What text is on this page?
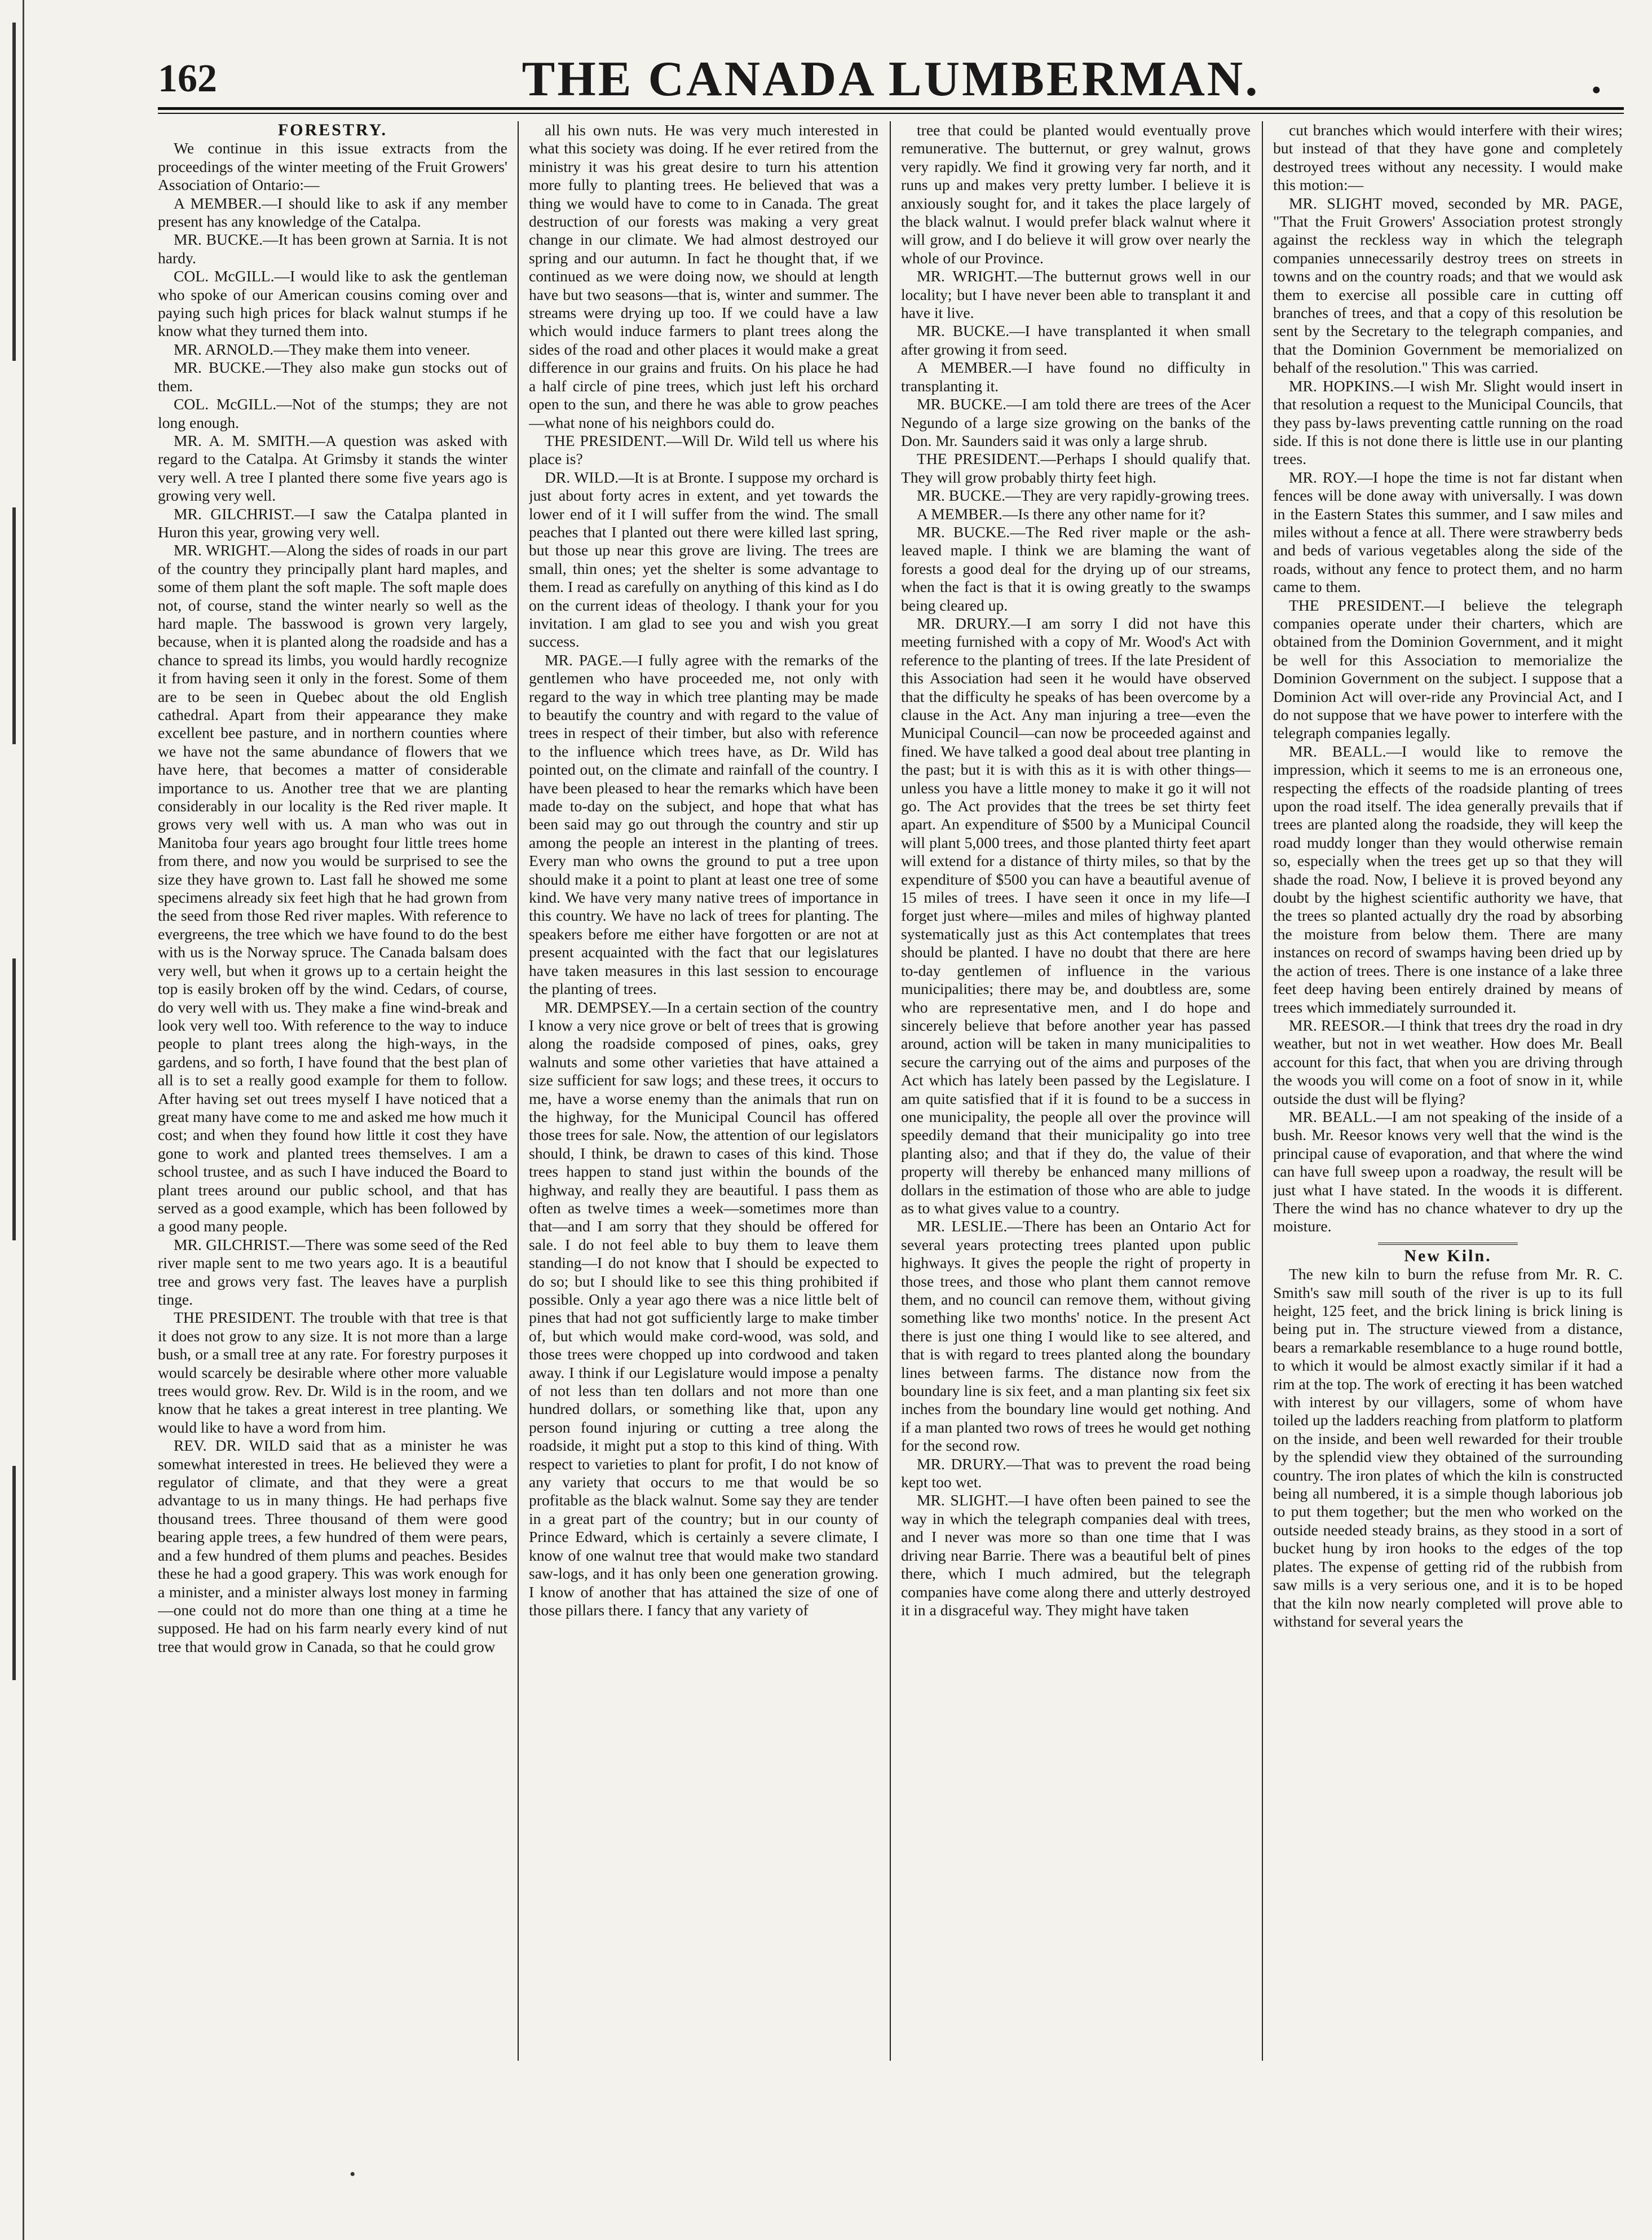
162	THE CANADA LUMBERMAN.	•

FORESTRY.

We continue in this issue extracts from the proceedings of the winter meeting of the Fruit Growers' Association of Ontario:—

A MEMBER.—I should like to ask if any member present has any knowledge of the Catalpa.

MR. BUCKE.—It has been grown at Sarnia. It is not hardy.

COL. McGILL.—I would like to ask the gentleman who spoke of our American cousins coming over and paying such high prices for black walnut stumps if he know what they turned them into.

MR. ARNOLD.—They make them into veneer.

MR. BUCKE.—They also make gun stocks out of them.

COL. McGILL.—Not of the stumps; they are not long enough.

MR. A. M. SMITH.—A question was asked with regard to the Catalpa. At Grimsby it stands the winter very well. A tree I planted there some five years ago is growing very well.

MR. GILCHRIST.—I saw the Catalpa planted in Huron this year, growing very well.

MR. WRIGHT.—Along the sides of roads in our part of the country they principally plant hard maples, and some of them plant the soft maple. The soft maple does not, of course, stand the winter nearly so well as the hard maple. The basswood is grown very largely, because, when it is planted along the roadside and has a chance to spread its limbs, you would hardly recognize it from having seen it only in the forest. Some of them are to be seen in Quebec about the old English cathedral. Apart from their appearance they make excellent bee pasture, and in northern counties where we have not the same abundance of flowers that we have here, that becomes a matter of considerable importance to us. Another tree that we are planting considerably in our locality is the Red river maple. It grows very well with us. A man who was out in Manitoba four years ago brought four little trees home from there, and now you would be surprised to see the size they have grown to. Last fall he showed me some specimens already six feet high that he had grown from the seed from those Red river maples. With reference to evergreens, the tree which we have found to do the best with us is the Norway spruce. The Canada balsam does very well, but when it grows up to a certain height the top is easily broken off by the wind. Cedars, of course, do very well with us. They make a fine wind-break and look very well too. With reference to the way to induce people to plant trees along the high-ways, in the gardens, and so forth, I have found that the best plan of all is to set a really good example for them to follow. After having set out trees myself I have noticed that a great many have come to me and asked me how much it cost; and when they found how little it cost they have gone to work and planted trees themselves. I am a school trustee, and as such I have induced the Board to plant trees around our public school, and that has served as a good example, which has been followed by a good many people.

MR. GILCHRIST.—There was some seed of the Red river maple sent to me two years ago. It is a beautiful tree and grows very fast. The leaves have a purplish tinge.

THE PRESIDENT. The trouble with that tree is that it does not grow to any size. It is not more than a large bush, or a small tree at any rate. For forestry purposes it would scarcely be desirable where other more valuable trees would grow. Rev. Dr. Wild is in the room, and we know that he takes a great interest in tree planting. We would like to have a word from him.

REV. DR. WILD said that as a minister he was somewhat interested in trees. He believed they were a regulator of climate, and that they were a great advantage to us in many things. He had perhaps five thousand trees. Three thousand of them were good bearing apple trees, a few hundred of them were pears, and a few hundred of them plums and peaches. Besides these he had a good grapery. This was work enough for a minister, and a minister always lost money in farming—one could not do more than one thing at a time he supposed. He had on his farm nearly every kind of nut tree that would grow in Canada, so that he could grow

all his own nuts. He was very much interested in what this society was doing. If he ever retired from the ministry it was his great desire to turn his attention more fully to planting trees. He believed that was a thing we would have to come to in Canada. The great destruction of our forests was making a very great change in our climate. We had almost destroyed our spring and our autumn. In fact he thought that, if we continued as we were doing now, we should at length have but two seasons—that is, winter and summer. The streams were drying up too. If we could have a law which would induce farmers to plant trees along the sides of the road and other places it would make a great difference in our grains and fruits. On his place he had a half circle of pine trees, which just left his orchard open to the sun, and there he was able to grow peaches—what none of his neighbors could do.

THE PRESIDENT.—Will Dr. Wild tell us where his place is?

DR. WILD.—It is at Bronte. I suppose my orchard is just about forty acres in extent, and yet towards the lower end of it I will suffer from the wind. The small peaches that I planted out there were killed last spring, but those up near this grove are living. The trees are small, thin ones; yet the shelter is some advantage to them. I read as carefully on anything of this kind as I do on the current ideas of theology. I thank your for you invitation. I am glad to see you and wish you great success.

MR. PAGE.—I fully agree with the remarks of the gentlemen who have proceeded me, not only with regard to the way in which tree planting may be made to beautify the country and with regard to the value of trees in respect of their timber, but also with reference to the influence which trees have, as Dr. Wild has pointed out, on the climate and rainfall of the country. I have been pleased to hear the remarks which have been made to-day on the subject, and hope that what has been said may go out through the country and stir up among the people an interest in the planting of trees. Every man who owns the ground to put a tree upon should make it a point to plant at least one tree of some kind. We have very many native trees of importance in this country. We have no lack of trees for planting. The speakers before me either have forgotten or are not at present acquainted with the fact that our legislatures have taken measures in this last session to encourage the planting of trees.

MR. DEMPSEY.—In a certain section of the country I know a very nice grove or belt of trees that is growing along the roadside composed of pines, oaks, grey walnuts and some other varieties that have attained a size sufficient for saw logs; and these trees, it occurs to me, have a worse enemy than the animals that run on the highway, for the Municipal Council has offered those trees for sale. Now, the attention of our legislators should, I think, be drawn to cases of this kind. Those trees happen to stand just within the bounds of the highway, and really they are beautiful. I pass them as often as twelve times a week—sometimes more than that—and I am sorry that they should be offered for sale. I do not feel able to buy them to leave them standing—I do not know that I should be expected to do so; but I should like to see this thing prohibited if possible. Only a year ago there was a nice little belt of pines that had not got sufficiently large to make timber of, but which would make cord-wood, was sold, and those trees were chopped up into cordwood and taken away. I think if our Legislature would impose a penalty of not less than ten dollars and not more than one hundred dollars, or something like that, upon any person found injuring or cutting a tree along the roadside, it might put a stop to this kind of thing. With respect to varieties to plant for profit, I do not know of any variety that occurs to me that would be so profitable as the black walnut. Some say they are tender in a great part of the country; but in our county of Prince Edward, which is certainly a severe climate, I know of one walnut tree that would make two standard saw-logs, and it has only been one generation growing. I know of another that has attained the size of one of those pillars there. I fancy that any variety of

tree that could be planted would eventually prove remunerative. The butternut, or grey walnut, grows very rapidly. We find it growing very far north, and it runs up and makes very pretty lumber. I believe it is anxiously sought for, and it takes the place largely of the black walnut. I would prefer black walnut where it will grow, and I do believe it will grow over nearly the whole of our Province.

MR. WRIGHT.—The butternut grows well in our locality; but I have never been able to transplant it and have it live.

MR. BUCKE.—I have transplanted it when small after growing it from seed.

A MEMBER.—I have found no difficulty in transplanting it.

MR. BUCKE.—I am told there are trees of the Acer Negundo of a large size growing on the banks of the Don. Mr. Saunders said it was only a large shrub.

THE PRESIDENT.—Perhaps I should qualify that. They will grow probably thirty feet high.

MR. BUCKE.—They are very rapidly-growing trees.

A MEMBER.—Is there any other name for it?

MR. BUCKE.—The Red river maple or the ash-leaved maple. I think we are blaming the want of forests a good deal for the drying up of our streams, when the fact is that it is owing greatly to the swamps being cleared up.

MR. DRURY.—I am sorry I did not have this meeting furnished with a copy of Mr. Wood's Act with reference to the planting of trees. If the late President of this Association had seen it he would have observed that the difficulty he speaks of has been overcome by a clause in the Act. Any man injuring a tree—even the Municipal Council—can now be proceeded against and fined. We have talked a good deal about tree planting in the past; but it is with this as it is with other things—unless you have a little money to make it go it will not go. The Act provides that the trees be set thirty feet apart. An expenditure of $500 by a Municipal Council will plant 5,000 trees, and those planted thirty feet apart will extend for a distance of thirty miles, so that by the expenditure of $500 you can have a beautiful avenue of 15 miles of trees. I have seen it once in my life—I forget just where—miles and miles of highway planted systematically just as this Act contemplates that trees should be planted. I have no doubt that there are here to-day gentlemen of influence in the various municipalities; there may be, and doubtless are, some who are representative men, and I do hope and sincerely believe that before another year has passed around, action will be taken in many municipalities to secure the carrying out of the aims and purposes of the Act which has lately been passed by the Legislature. I am quite satisfied that if it is found to be a success in one municipality, the people all over the province will speedily demand that their municipality go into tree planting also; and that if they do, the value of their property will thereby be enhanced many millions of dollars in the estimation of those who are able to judge as to what gives value to a country.

MR. LESLIE.—There has been an Ontario Act for several years protecting trees planted upon public highways. It gives the people the right of property in those trees, and those who plant them cannot remove them, and no council can remove them, without giving something like two months' notice. In the present Act there is just one thing I would like to see altered, and that is with regard to trees planted along the boundary lines between farms. The distance now from the boundary line is six feet, and a man planting six feet six inches from the boundary line would get nothing. And if a man planted two rows of trees he would get nothing for the second row.

MR. DRURY.—That was to prevent the road being kept too wet.

MR. SLIGHT.—I have often been pained to see the way in which the telegraph companies deal with trees, and I never was more so than one time that I was driving near Barrie. There was a beautiful belt of pines there, which I much admired, but the telegraph companies have come along there and utterly destroyed it in a disgraceful way. They might have taken

cut branches which would interfere with their wires; but instead of that they have gone and completely destroyed trees without any necessity. I would make this motion:—

MR. SLIGHT moved, seconded by MR. PAGE, "That the Fruit Growers' Association protest strongly against the reckless way in which the telegraph companies unnecessarily destroy trees on streets in towns and on the country roads; and that we would ask them to exercise all possible care in cutting off branches of trees, and that a copy of this resolution be sent by the Secretary to the telegraph companies, and that the Dominion Government be memorialized on behalf of the resolution." This was carried.

MR. HOPKINS.—I wish Mr. Slight would insert in that resolution a request to the Municipal Councils, that they pass by-laws preventing cattle running on the road side. If this is not done there is little use in our planting trees.

MR. ROY.—I hope the time is not far distant when fences will be done away with universally. I was down in the Eastern States this summer, and I saw miles and miles without a fence at all. There were strawberry beds and beds of various vegetables along the side of the roads, without any fence to protect them, and no harm came to them.

THE PRESIDENT.—I believe the telegraph companies operate under their charters, which are obtained from the Dominion Government, and it might be well for this Association to memorialize the Dominion Government on the subject. I suppose that a Dominion Act will over-ride any Provincial Act, and I do not suppose that we have power to interfere with the telegraph companies legally.

MR. BEALL.—I would like to remove the impression, which it seems to me is an erroneous one, respecting the effects of the roadside planting of trees upon the road itself. The idea generally prevails that if trees are planted along the roadside, they will keep the road muddy longer than they would otherwise remain so, especially when the trees get up so that they will shade the road. Now, I believe it is proved beyond any doubt by the highest scientific authority we have, that the trees so planted actually dry the road by absorbing the moisture from below them. There are many instances on record of swamps having been dried up by the action of trees. There is one instance of a lake three feet deep having been entirely drained by means of trees which immediately surrounded it.

MR. REESOR.—I think that trees dry the road in dry weather, but not in wet weather. How does Mr. Beall account for this fact, that when you are driving through the woods you will come on a foot of snow in it, while outside the dust will be flying?

MR. BEALL.—I am not speaking of the inside of a bush. Mr. Reesor knows very well that the wind is the principal cause of evaporation, and that where the wind can have full sweep upon a roadway, the result will be just what I have stated. In the woods it is different. There the wind has no chance whatever to dry up the moisture.

New Kiln.

The new kiln to burn the refuse from Mr. R. C. Smith's saw mill south of the river is up to its full height, 125 feet, and the brick lining is brick lining is being put in. The structure viewed from a distance, bears a remarkable resemblance to a huge round bottle, to which it would be almost exactly similar if it had a rim at the top. The work of erecting it has been watched with interest by our villagers, some of whom have toiled up the ladders reaching from platform to platform on the inside, and been well rewarded for their trouble by the splendid view they obtained of the surrounding country. The iron plates of which the kiln is constructed being all numbered, it is a simple though laborious job to put them together; but the men who worked on the outside needed steady brains, as they stood in a sort of bucket hung by iron hooks to the edges of the top plates. The expense of getting rid of the rubbish from saw mills is a very serious one, and it is to be hoped that the kiln now nearly completed will prove able to withstand for several years the

•
